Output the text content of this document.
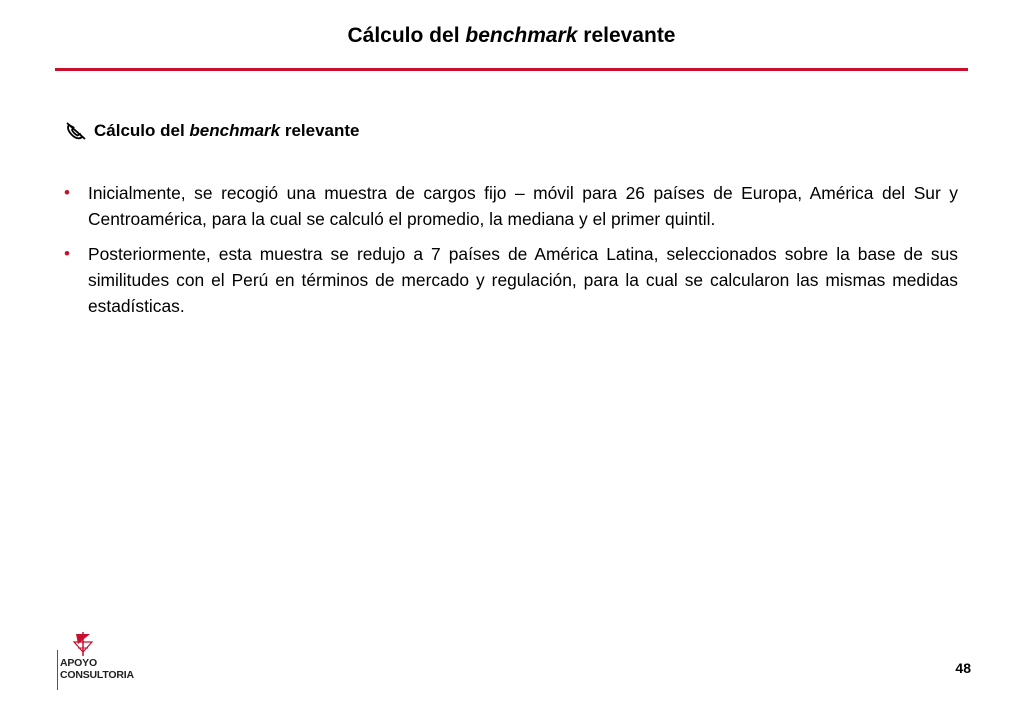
Cálculo del benchmark relevante
Cálculo del
benchmark
relevante
• Inicialmente, se recogió una muestra de cargos fijo – móvil para 26 países de Europa, América del Sur y Centroamérica, para la cual se calculó el promedio, la mediana y el primer quintil.
• Posteriormente, esta muestra se redujo a 7 países de América Latina, seleccionados sobre la base de sus similitudes con el Perú en términos de mercado y regulación, para la cual se calcularon las mismas medidas estadísticas.
APOYO
CONSULTORIA	48
